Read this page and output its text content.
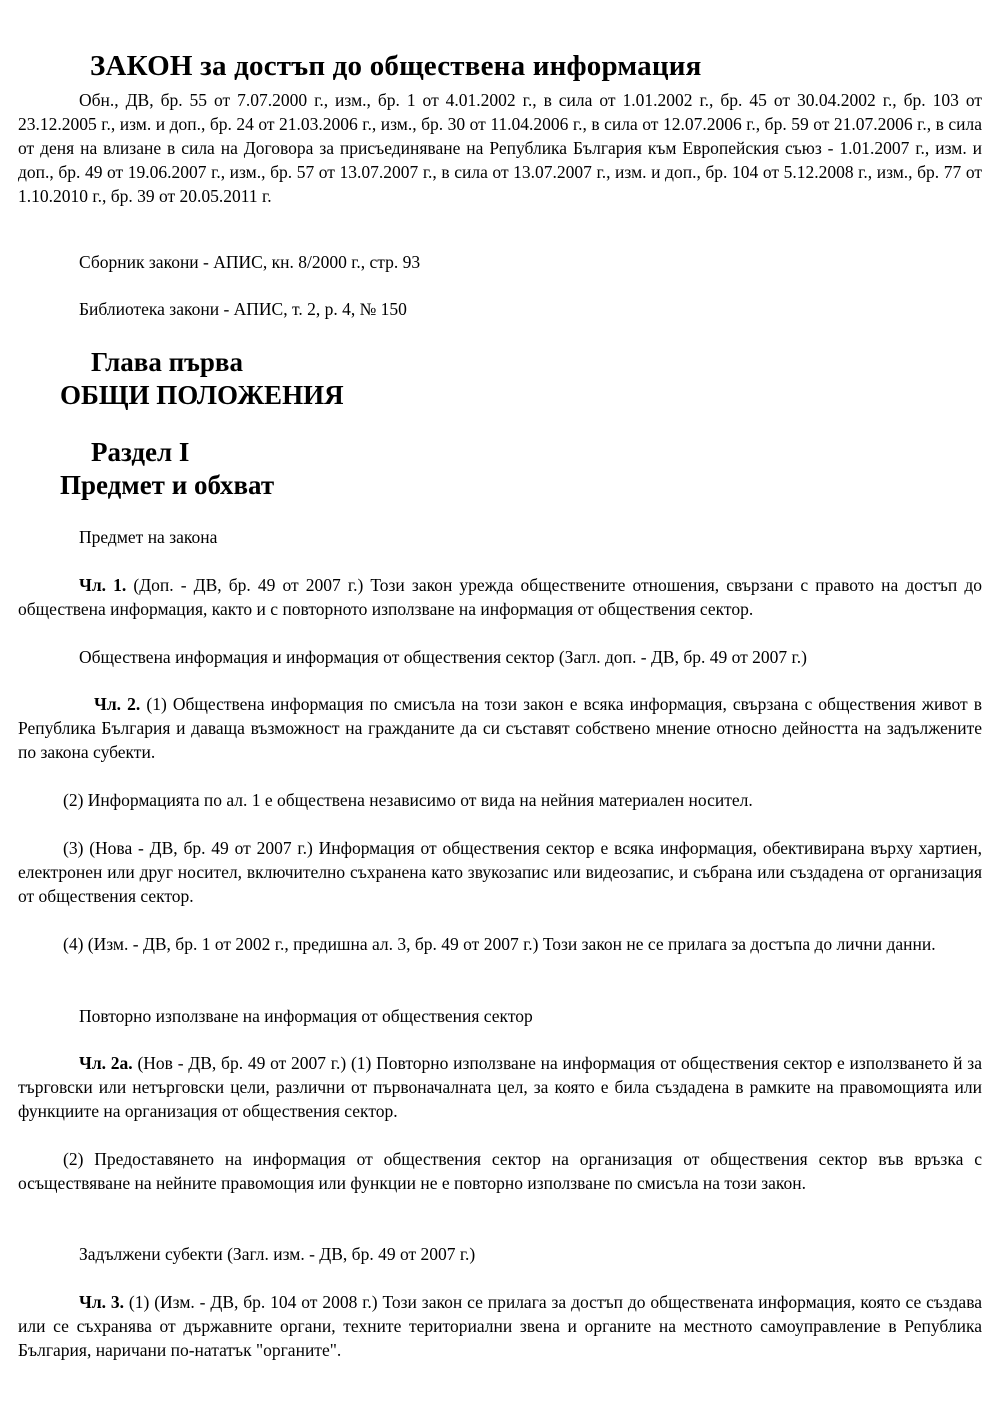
ЗАКОН за достъп до обществена информация

Обн., ДВ, бр. 55 от 7.07.2000 г., изм., бр. 1 от 4.01.2002 г., в сила от 1.01.2002 г., бр. 45 от 30.04.2002 г., бр. 103 от 23.12.2005 г., изм. и доп., бр. 24 от 21.03.2006 г., изм., бр. 30 от 11.04.2006 г., в сила от 12.07.2006 г., бр. 59 от 21.07.2006 г., в сила от деня на влизане в сила на Договора за присъединяване на Република България към Европейския съюз - 1.01.2007 г., изм. и доп., бр. 49 от 19.06.2007 г., изм., бр. 57 от 13.07.2007 г., в сила от 13.07.2007 г., изм. и доп., бр. 104 от 5.12.2008 г., изм., бр. 77 от 1.10.2010 г., бр. 39 от 20.05.2011 г.

Сборник закони - АПИС, кн. 8/2000 г., стр. 93
Библиотека закони - АПИС, т. 2, р. 4, № 150
Глава първа
ОБЩИ ПОЛОЖЕНИЯ
Раздел I
Предмет и обхват
Предмет на закона

Чл. 1. (Доп. - ДВ, бр. 49 от 2007 г.) Този закон урежда обществените отношения, свързани с правото на достъп до обществена информация, както и с повторното използване на информация от обществения сектор.

Обществена информация и информация от обществения сектор (Загл. доп. - ДВ, бр. 49 от 2007 г.)

Чл. 2. (1) Обществена информация по смисъла на този закон е всяка информация, свързана с обществения живот в Република България и даваща възможност на гражданите да си съставят собствено мнение относно дейността на задължените по закона субекти.

(2) Информацията по ал. 1 е обществена независимо от вида на нейния материален носител.

(3) (Нова - ДВ, бр. 49 от 2007 г.) Информация от обществения сектор е всяка информация, обективирана върху хартиен, електронен или друг носител, включително съхранена като звукозапис или видеозапис, и събрана или създадена от организация от обществения сектор.

(4) (Изм. - ДВ, бр. 1 от 2002 г., предишна ал. 3, бр. 49 от 2007 г.) Този закон не се прилага за достъпа до лични данни.

Повторно използване на информация от обществения сектор

Чл. 2а. (Нов - ДВ, бр. 49 от 2007 г.) (1) Повторно използване на информация от обществения сектор е използването й за търговски или нетърговски цели, различни от първоначалната цел, за която е била създадена в рамките на правомощията или функциите на организация от обществения сектор.

(2) Предоставянето на информация от обществения сектор на организация от обществения сектор във връзка с осъществяване на нейните правомощия или функции не е повторно използване по смисъла на този закон.

Задължени субекти (Загл. изм. - ДВ, бр. 49 от 2007 г.)

Чл. 3. (1) (Изм. - ДВ, бр. 104 от 2008 г.) Този закон се прилага за достъп до обществената информация, която се създава или се съхранява от държавните органи, техните териториални звена и органите на местното самоуправление в Република България, наричани по-нататък "органите".
